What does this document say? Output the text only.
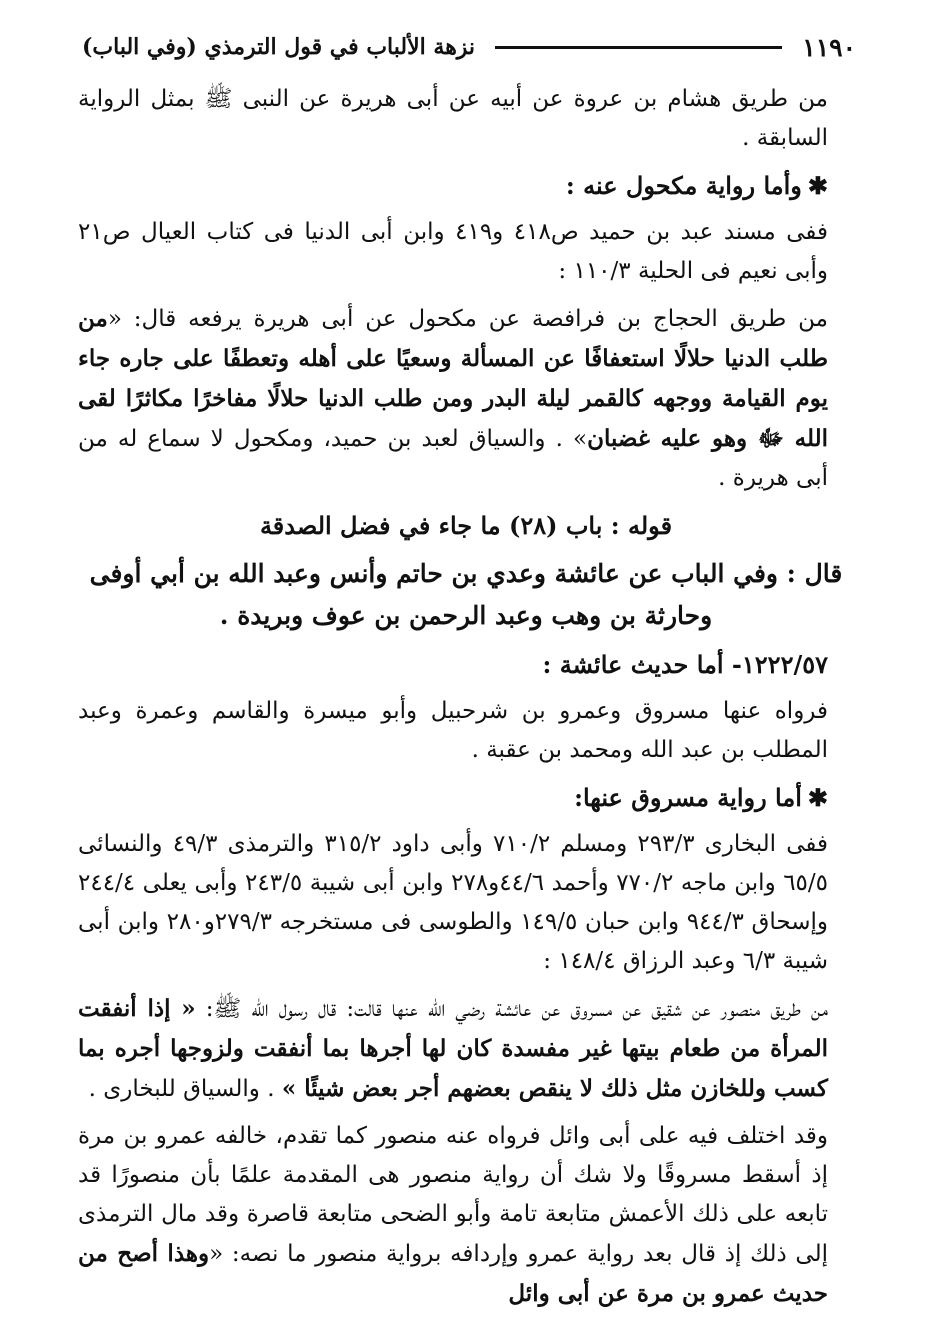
١١٩٠
نزهة الألباب في قول الترمذي (وفي الباب)

من طريق هشام بن عروة عن أبيه عن أبى هريرة عن النبى ﷺ بمثل الرواية السابقة .

✱وأما رواية مكحول عنه :

ففى مسند عبد بن حميد ص٤١٨ و٤١٩ وابن أبى الدنيا فى كتاب العيال ص٢١ وأبى نعيم فى الحلية ١١٠/٣ :

من طريق الحجاج بن فرافصة عن مكحول عن أبى هريرة يرفعه قال: «من طلب الدنيا حلالًا استعفافًا عن المسألة وسعيًا على أهله وتعطفًا على جاره جاء يوم القيامة ووجهه كالقمر ليلة البدر ومن طلب الدنيا حلالًا مفاخرًا مكاثرًا لقى الله ﷻ وهو عليه غضبان» . والسياق لعبد بن حميد، ومكحول لا سماع له من أبى هريرة .

قوله : باب (٢٨) ما جاء في فضل الصدقة

قال : وفي الباب عن عائشة وعدي بن حاتم وأنس وعبد الله بن أبي أوفى وحارثة بن وهب وعبد الرحمن بن عوف وبريدة .

١٢٢٢/٥٧- أما حديث عائشة :

فرواه عنها مسروق وعمرو بن شرحبيل وأبو ميسرة والقاسم وعمرة وعبد المطلب بن عبد الله ومحمد بن عقبة .

✱أما رواية مسروق عنها:

ففى البخارى ٢٩٣/٣ ومسلم ٧١٠/٢ وأبى داود ٣١٥/٢ والترمذى ٤٩/٣ والنسائى ٦٥/٥ وابن ماجه ٧٧٠/٢ وأحمد ٤٤/٦و٢٧٨ وابن أبى شيبة ٢٤٣/٥ وأبى يعلى ٢٤٤/٤ وإسحاق ٩٤٤/٣ وابن حبان ١٤٩/٥ والطوسى فى مستخرجه ٢٧٩/٣و٢٨٠ وابن أبى شيبة ٦/٣ وعبد الرزاق ١٤٨/٤ :

من طريق منصور عن شقيق عن مسروق عن عائشة رضي الله عنها قالت: قال رسول الله ﷺ: « إذا أنفقت المرأة من طعام بيتها غير مفسدة كان لها أجرها بما أنفقت ولزوجها أجره بما كسب وللخازن مثل ذلك لا ينقص بعضهم أجر بعض شيئًا » . والسياق للبخارى .

وقد اختلف فيه على أبى وائل فرواه عنه منصور كما تقدم، خالفه عمرو بن مرة إذ أسقط مسروقًا ولا شك أن رواية منصور هى المقدمة علمًا بأن منصورًا قد تابعه على ذلك الأعمش متابعة تامة وأبو الضحى متابعة قاصرة وقد مال الترمذى إلى ذلك إذ قال بعد رواية عمرو وإردافه برواية منصور ما نصه: «وهذا أصح من حديث عمرو بن مرة عن أبى وائل
